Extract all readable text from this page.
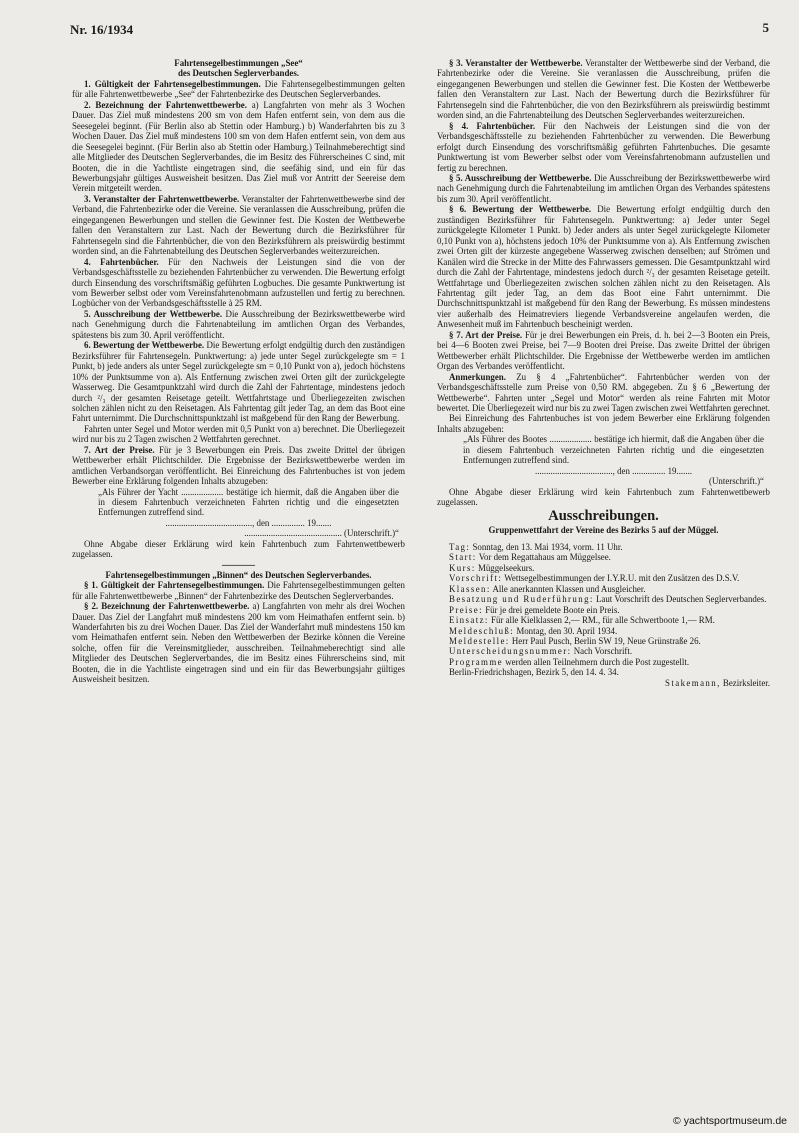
Nr. 16/1934	5

Fahrtensegelbestimmungen „See“

des Deutschen Seglerverbandes.

1. Gültigkeit der Fahrtensegelbestimmungen. Die Fahrtensegelbestimmungen gelten für alle Fahrtenwettbewerbe „See“ der Fahrtenbezirke des Deutschen Seglerverbandes.

2. Bezeichnung der Fahrtenwettbewerbe. a) Langfahrten von mehr als 3 Wochen Dauer. Das Ziel muß mindestens 200 sm von dem Hafen entfernt sein, von dem aus die Seesegelei beginnt. (Für Berlin also ab Stettin oder Hamburg.) b) Wanderfahrten bis zu 3 Wochen Dauer. Das Ziel muß mindestens 100 sm von dem Hafen entfernt sein, von dem aus die Seesegelei beginnt. (Für Berlin also ab Stettin oder Hamburg.) Teilnahmeberechtigt sind alle Mitglieder des Deutschen Seglerverbandes, die im Besitz des Führerscheines C sind, mit Booten, die in die Yachtliste eingetragen sind, die seefähig sind, und ein für das Bewerbungsjahr gültiges Ausweisheit besitzen. Das Ziel muß vor Antritt der Seereise dem Verein mitgeteilt werden.

3. Veranstalter der Fahrtenwettbewerbe. Veranstalter der Fahrtenwettbewerbe sind der Verband, die Fahrtenbezirke oder die Vereine. Sie veranlassen die Ausschreibung, prüfen die eingegangenen Bewerbungen und stellen die Gewinner fest. Die Kosten der Wettbewerbe fallen den Veranstaltern zur Last. Nach der Bewertung durch die Bezirksführer für Fahrtensegeln sind die Fahrtenbücher, die von den Bezirksführern als preiswürdig bestimmt worden sind, an die Fahrtenabteilung des Deutschen Seglerverbandes weiterzureichen.

4. Fahrtenbücher. Für den Nachweis der Leistungen sind die von der Verbandsgeschäftsstelle zu beziehenden Fahrtenbücher zu verwenden. Die Bewertung erfolgt durch Einsendung des vorschriftsmäßig geführten Logbuches. Die gesamte Punktwertung ist vom Bewerber selbst oder vom Vereinsfahrtenobmann aufzustellen und fertig zu berechnen. Logbücher von der Verbandsgeschäftsstelle à 25 RM.

5. Ausschreibung der Wettbewerbe. Die Ausschreibung der Bezirkswettbewerbe wird nach Genehmigung durch die Fahrtenabteilung im amtlichen Organ des Verbandes, spätestens bis zum 30. April veröffentlicht.

6. Bewertung der Wettbewerbe. Die Bewertung erfolgt endgültig durch den zuständigen Bezirksführer für Fahrtensegeln. Punktwertung: a) jede unter Segel zurückgelegte sm = 1 Punkt, b) jede anders als unter Segel zurückgelegte sm = 0,10 Punkt von a), jedoch höchstens 10% der Punktsumme von a). Als Entfernung zwischen zwei Orten gilt der zurückgelegte Wasserweg. Die Gesamtpunktzahl wird durch die Zahl der Fahrtentage, mindestens jedoch durch ²/₃ der gesamten Reisetage geteilt. Wettfahrtstage und Überliegezeiten zwischen solchen zählen nicht zu den Reisetagen. Als Fahrtentag gilt jeder Tag, an dem das Boot eine Fahrt unternimmt. Die Durchschnittspunktzahl ist maßgebend für den Rang der Bewerbung.

Fahrten unter Segel und Motor werden mit 0,5 Punkt von a) berechnet. Die Überliegezeit wird nur bis zu 2 Tagen zwischen 2 Wettfahrten gerechnet.

7. Art der Preise. Für je 3 Bewerbungen ein Preis. Das zweite Drittel der übrigen Wettbewerber erhält Plichtschilder. Die Ergebnisse der Bezirkswettbewerbe werden im amtlichen Verbandsorgan veröffentlicht. Bei Einreichung des Fahrtenbuches ist von jedem Bewerber eine Erklärung folgenden Inhalts abzugeben:

„Als Führer der Yacht ................... bestätige ich hiermit, daß die Angaben über die in diesem Fahrtenbuch verzeichneten Fahrten richtig und die eingesetzten Entfernungen zutreffend sind.

......................................., den ............... 19.......

............................................ (Unterschrift.)“

Ohne Abgabe dieser Erklärung wird kein Fahrtenbuch zum Fahrtenwettbewerb zugelassen.

———

Fahrtensegelbestimmungen „Binnen“ des Deutschen Seglerverbandes.

§ 1. Gültigkeit der Fahrtensegelbestimmungen. Die Fahrtensegelbestimmungen gelten für alle Fahrtenwettbewerbe „Binnen“ der Fahrtenbezirke des Deutschen Seglerverbandes.

§ 2. Bezeichnung der Fahrtenwettbewerbe. a) Langfahrten von mehr als drei Wochen Dauer. Das Ziel der Langfahrt muß mindestens 200 km vom Heimathafen entfernt sein. b) Wanderfahrten bis zu drei Wochen Dauer. Das Ziel der Wanderfahrt muß mindestens 150 km vom Heimathafen entfernt sein. Neben den Wettbewerben der Bezirke können die Vereine solche, offen für die Vereinsmitglieder, ausschreiben. Teilnahmeberechtigt sind alle Mitglieder des Deutschen Seglerverbandes, die im Besitz eines Führerscheins sind, mit Booten, die in die Yachtliste eingetragen sind und ein für das Bewerbungsjahr gültiges Ausweisheit besitzen.

§ 3. Veranstalter der Wettbewerbe. Veranstalter der Wettbewerbe sind der Verband, die Fahrtenbezirke oder die Vereine. Sie veranlassen die Ausschreibung, prüfen die eingegangenen Bewerbungen und stellen die Gewinner fest. Die Kosten der Wettbewerbe fallen den Veranstaltern zur Last. Nach der Bewertung durch die Bezirksführer für Fahrtensegeln sind die Fahrtenbücher, die von den Bezirksführern als preiswürdig bestimmt worden sind, an die Fahrtenabteilung des Deutschen Seglerverbandes weiterzureichen.

§ 4. Fahrtenbücher. Für den Nachweis der Leistungen sind die von der Verbandsgeschäftsstelle zu beziehenden Fahrtenbücher zu verwenden. Die Bewerbung erfolgt durch Einsendung des vorschriftsmäßig geführten Fahrtenbuches. Die gesamte Punktwertung ist vom Bewerber selbst oder vom Vereinsfahrtenobmann aufzustellen und fertig zu berechnen.

§ 5. Ausschreibung der Wettbewerbe. Die Ausschreibung der Bezirkswettbewerbe wird nach Genehmigung durch die Fahrtenabteilung im amtlichen Organ des Verbandes spätestens bis zum 30. April veröffentlicht.

§ 6. Bewertung der Wettbewerbe. Die Bewertung erfolgt endgültig durch den zuständigen Bezirksführer für Fahrtensegeln. Punktwertung: a) Jeder unter Segel zurückgelegte Kilometer 1 Punkt. b) Jeder anders als unter Segel zurückgelegte Kilometer 0,10 Punkt von a), höchstens jedoch 10% der Punktsumme von a). Als Entfernung zwischen zwei Orten gilt der kürzeste angegebene Wasserweg zwischen denselben; auf Strömen und Kanälen wird die Strecke in der Mitte des Fahrwassers gemessen. Die Gesamtpunktzahl wird durch die Zahl der Fahrtentage, mindestens jedoch durch ²/₃ der gesamten Reisetage geteilt. Wettfahrtage und Überliegezeiten zwischen solchen zählen nicht zu den Reisetagen. Als Fahrtentag gilt jeder Tag, an dem das Boot eine Fahrt unternimmt. Die Durchschnittspunktzahl ist maßgebend für den Rang der Bewerbung. Es müssen mindestens vier außerhalb des Heimatreviers liegende Verbandsvereine angelaufen werden, die Anwesenheit muß im Fahrtenbuch bescheinigt werden.

§ 7. Art der Preise. Für je drei Bewerbungen ein Preis, d. h. bei 2—3 Booten ein Preis, bei 4—6 Booten zwei Preise, bei 7—9 Booten drei Preise. Das zweite Drittel der übrigen Wettbewerber erhält Plichtschilder. Die Ergebnisse der Wettbewerbe werden im amtlichen Organ des Verbandes veröffentlicht.

Anmerkungen. Zu § 4 „Fahrtenbücher“. Fahrtenbücher werden von der Verbandsgeschäftsstelle zum Preise von 0,50 RM. abgegeben. Zu § 6 „Bewertung der Wettbewerbe“. Fahrten unter „Segel und Motor“ werden als reine Fahrten mit Motor bewertet. Die Überliegezeit wird nur bis zu zwei Tagen zwischen zwei Wettfahrten gerechnet.

Bei Einreichung des Fahrtenbuches ist von jedem Bewerber eine Erklärung folgenden Inhalts abzugeben:

„Als Führer des Bootes ................... bestätige ich hiermit, daß die Angaben über die in diesem Fahrtenbuch verzeichneten Fahrten richtig und die eingesetzten Entfernungen zutreffend sind.

..................................., den ............... 19.......

(Unterschrift.)“

Ohne Abgabe dieser Erklärung wird kein Fahrtenbuch zum Fahrtenwettbewerb zugelassen.

Ausschreibungen.

Gruppenwettfahrt der Vereine des Bezirks 5 auf der Müggel.

Tag: Sonntag, den 13. Mai 1934, vorm. 11 Uhr.

Start: Vor dem Regattahaus am Müggelsee.

Kurs: Müggelseekurs.

Vorschrift: Wettsegelbestimmungen der I.Y.R.U. mit den Zusätzen des D.S.V.

Klassen: Alle anerkannten Klassen und Ausgleicher.

Besatzung und Ruderführung: Laut Vorschrift des Deutschen Seglerverbandes.

Preise: Für je drei gemeldete Boote ein Preis.

Einsatz: Für alle Kielklassen 2,— RM., für alle Schwertboote 1,— RM.

Meldeschluß: Montag, den 30. April 1934.

Meldestelle: Herr Paul Pusch, Berlin SW 19, Neue Grünstraße 26.

Unterscheidungsnummer: Nach Vorschrift.

Programme werden allen Teilnehmern durch die Post zugestellt.

Berlin-Friedrichshagen, Bezirk 5, den 14. 4. 34.

Stakemann, Bezirksleiter.

© yachtsportmuseum.de
